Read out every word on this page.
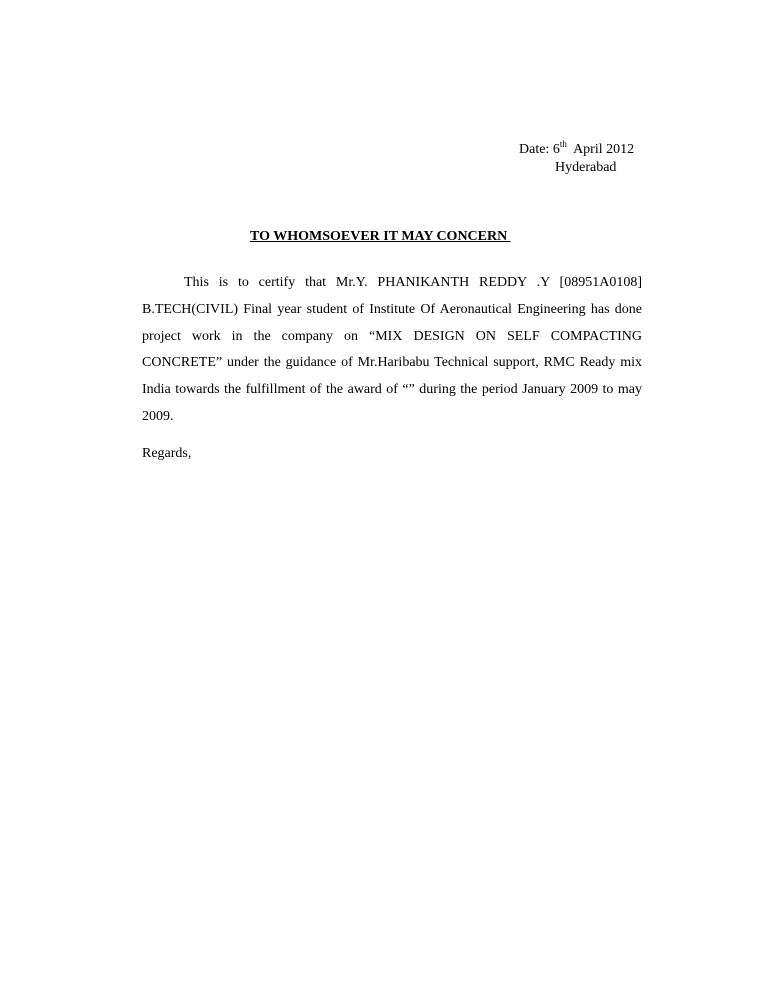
Date: 6th  April 2012
Hyderabad
TO WHOMSOEVER IT MAY CONCERN

This is to certify that Mr.Y. PHANIKANTH REDDY .Y [08951A0108] B.TECH(CIVIL) Final year student of Institute Of Aeronautical Engineering has done project work in the company on “MIX DESIGN ON SELF COMPACTING CONCRETE” under the guidance of Mr.Haribabu Technical support, RMC Ready mix India towards the fulfillment of the award of “” during the period January 2009 to may 2009.

Regards,
